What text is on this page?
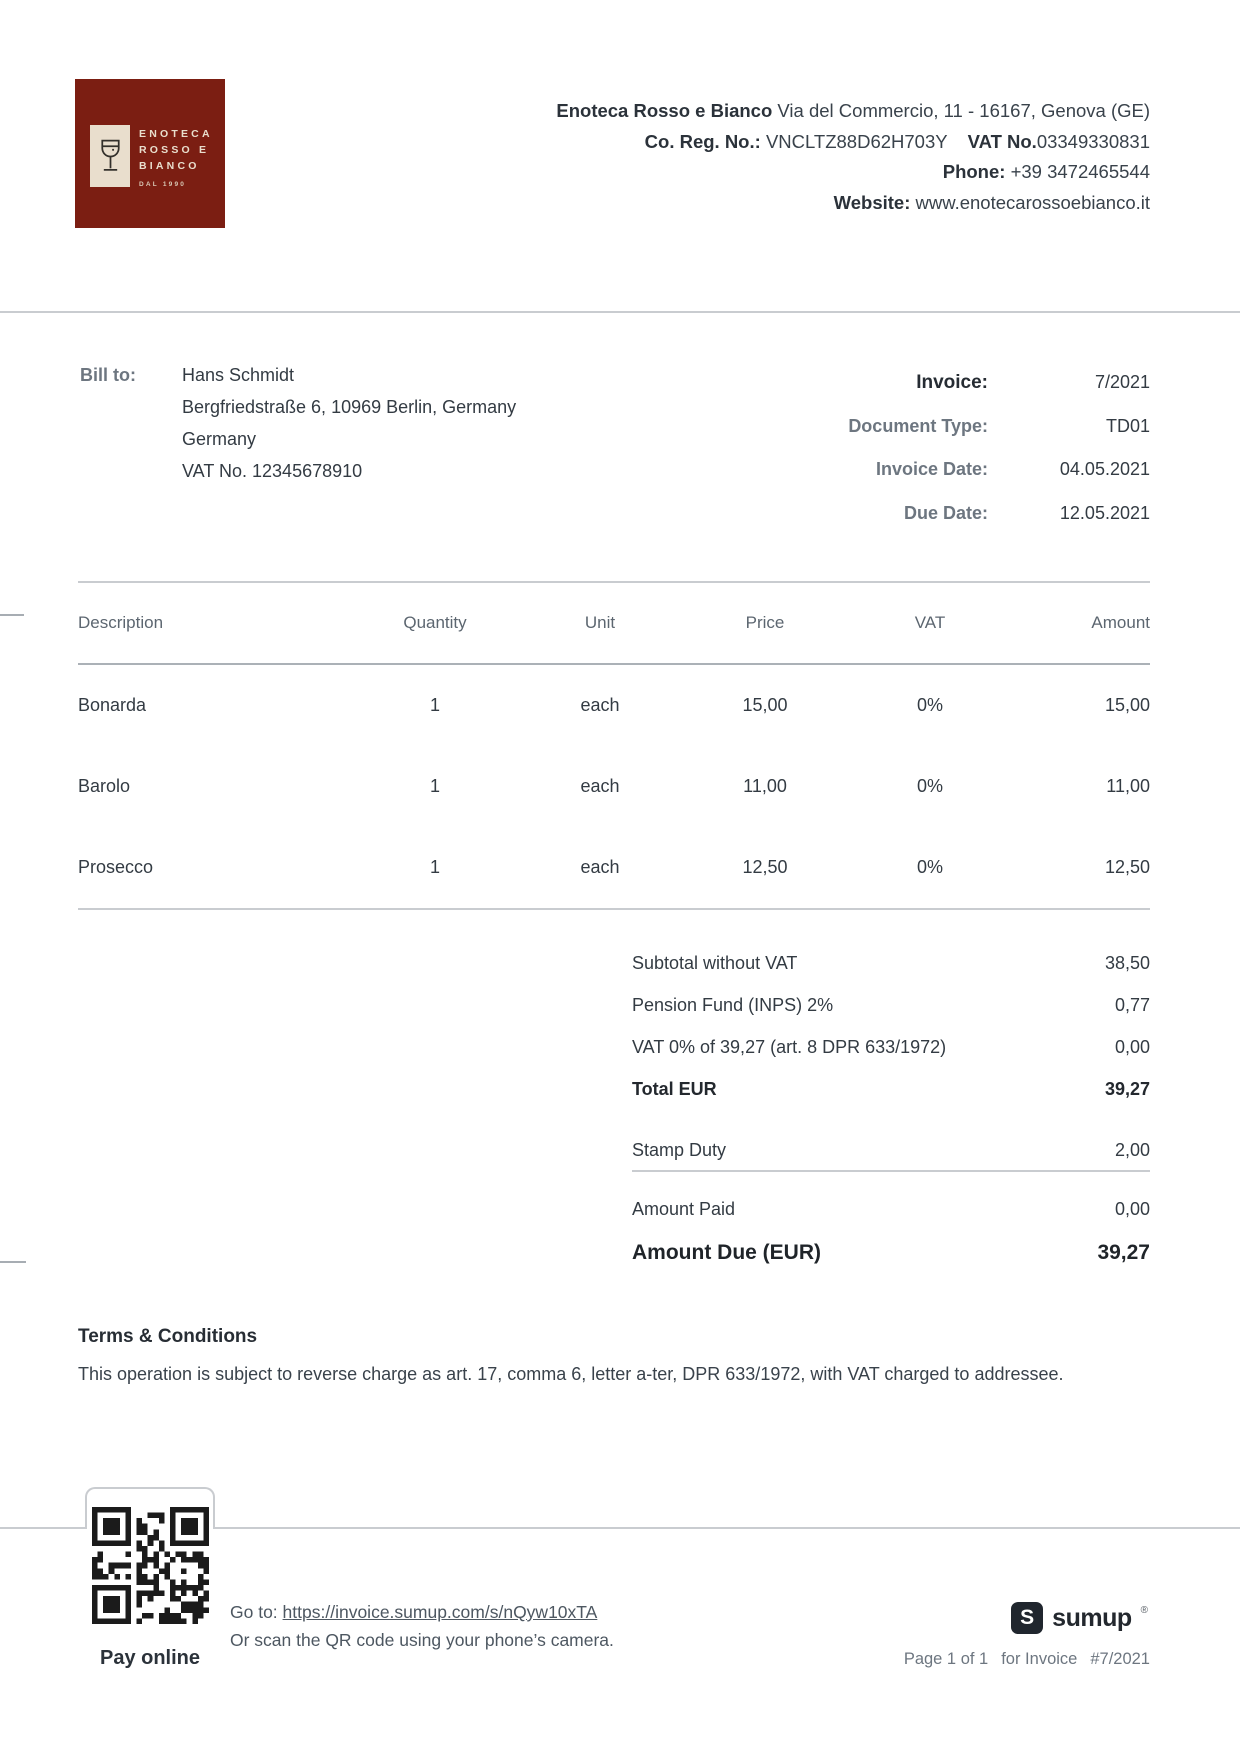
ENOTECA
ROSSO E
BIANCO
DAL 1990
Enoteca Rosso e Bianco Via del Commercio, 11 - 16167, Genova (GE)
Co. Reg. No.: VNCLTZ88D62H703Y VAT No.03349330831
Phone: +39 3472465544
Website: www.enotecarossoebianco.it
Bill to:	Hans Schmidt
Bergfriedstraße 6, 10969 Berlin, Germany
Germany
VAT No. 12345678910
Invoice:	7/2021
Document Type:	TD01
Invoice Date:	04.05.2021
Due Date:	12.05.2021
Description	Quantity	Unit	Price	VAT	Amount
Bonarda	1	each	15,00	0%	15,00
Barolo	1	each	11,00	0%	11,00
Prosecco	1	each	12,50	0%	12,50
Subtotal without VAT	38,50
Pension Fund (INPS) 2%	0,77
VAT 0% of 39,27 (art. 8 DPR 633/1972)	0,00
Total EUR	39,27
Stamp Duty	2,00
Amount Paid	0,00
Amount Due (EUR)	39,27
Terms & Conditions
This operation is subject to reverse charge as art. 17, comma 6, letter a-ter, DPR 633/1972, with VAT charged to addressee.
Pay online
Go to: https://invoice.sumup.com/s/nQyw10xTA
Or scan the QR code using your phone’s camera.
S sumup ®
Page 1 of 1 for Invoice #7/2021
